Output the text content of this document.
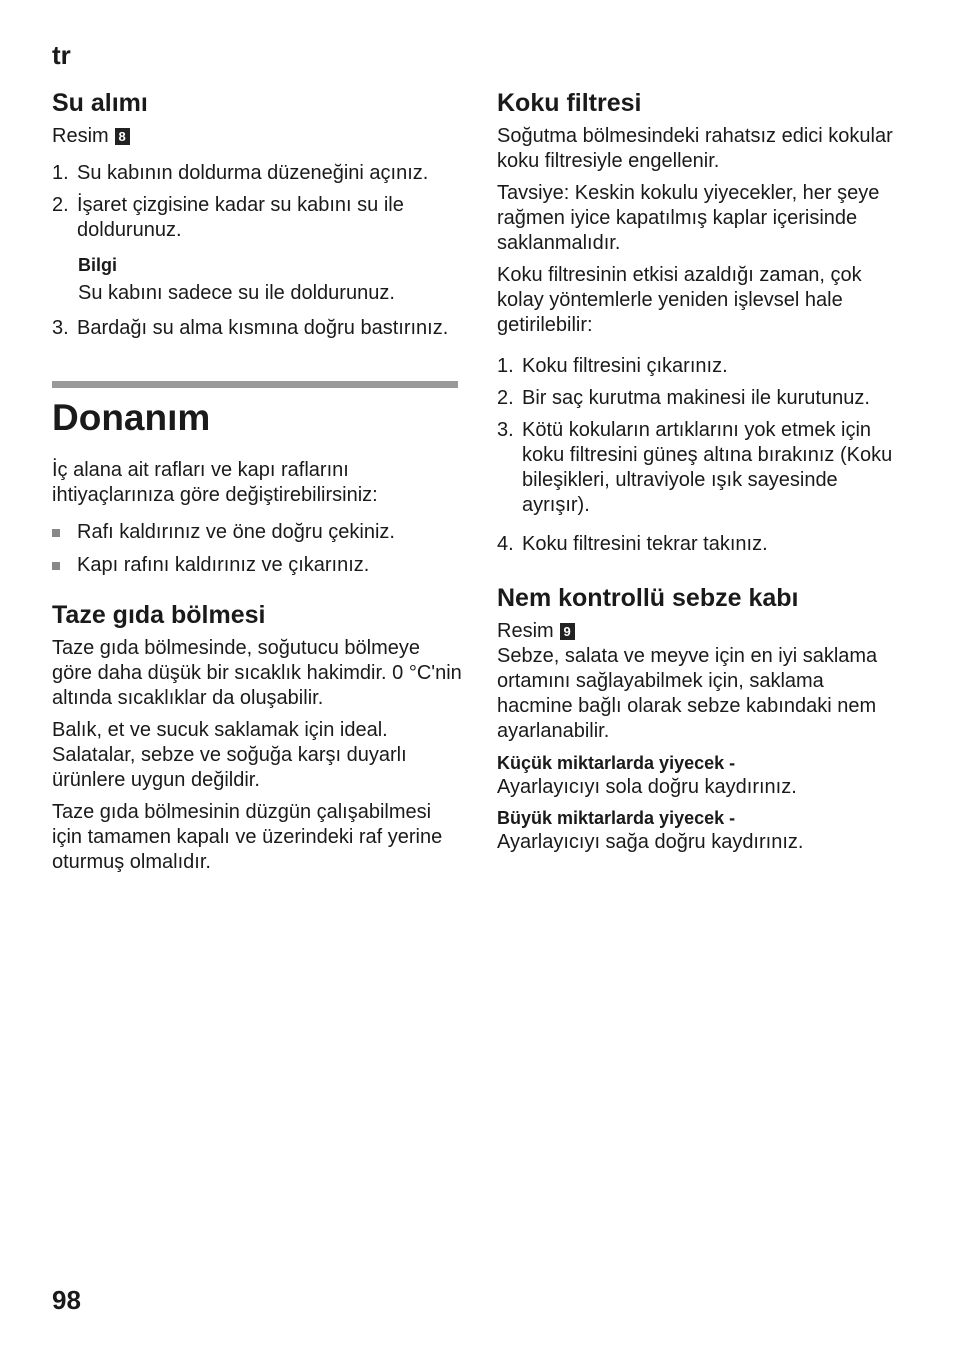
tr
Su alımı
Resim 8
1. Su kabının doldurma düzeneğini açınız.
2. İşaret çizgisine kadar su kabını su ile doldurunuz.
Bilgi
Su kabını sadece su ile doldurunuz.
3. Bardağı su alma kısmına doğru bastırınız.
Donanım

İç alana ait rafları ve kapı raflarını ihtiyaçlarınıza göre değiştirebilirsiniz:

Rafı kaldırınız ve öne doğru çekiniz.
Kapı rafını kaldırınız ve çıkarınız.
Taze gıda bölmesi

Taze gıda bölmesinde, soğutucu bölmeye göre daha düşük bir sıcaklık hakimdir. 0 °C'nin altında sıcaklıklar da oluşabilir.

Balık, et ve sucuk saklamak için ideal. Salatalar, sebze ve soğuğa karşı duyarlı ürünlere uygun değildir.

Taze gıda bölmesinin düzgün çalışabilmesi için tamamen kapalı ve üzerindeki raf yerine oturmuş olmalıdır.

Koku filtresi

Soğutma bölmesindeki rahatsız edici kokular koku filtresiyle engellenir.

Tavsiye: Keskin kokulu yiyecekler, her şeye rağmen iyice kapatılmış kaplar içerisinde saklanmalıdır.

Koku filtresinin etkisi azaldığı zaman, çok kolay yöntemlerle yeniden işlevsel hale getirilebilir:

1. Koku filtresini çıkarınız.
2. Bir saç kurutma makinesi ile kurutunuz.
3. Kötü kokuların artıklarını yok etmek için koku filtresini güneş altına bırakınız (Koku bileşikleri, ultraviyole ışık sayesinde ayrışır).
4. Koku filtresini tekrar takınız.
Nem kontrollü sebze kabı
Resim 9

Sebze, salata ve meyve için en iyi saklama ortamını sağlayabilmek için, saklama hacmine bağlı olarak sebze kabındaki nem ayarlanabilir.

Küçük miktarlarda yiyecek -
Ayarlayıcıyı sola doğru kaydırınız.
Büyük miktarlarda yiyecek -
Ayarlayıcıyı sağa doğru kaydırınız.
98
